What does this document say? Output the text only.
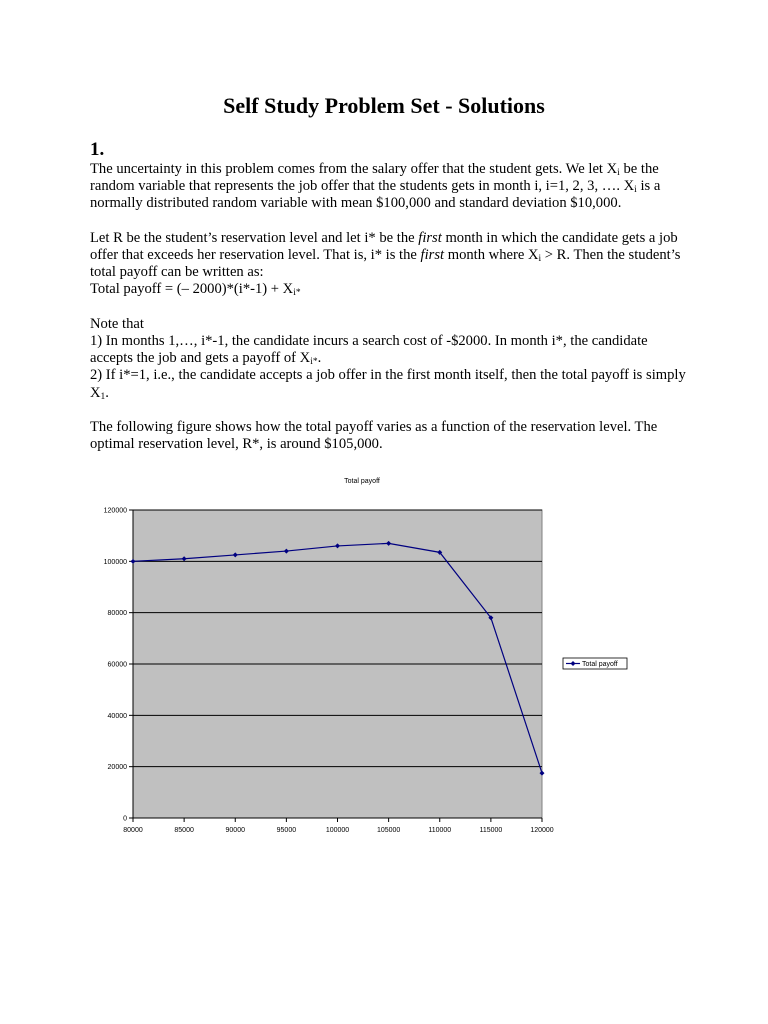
Self Study Problem Set - Solutions
1.

The uncertainty in this problem comes from the salary offer that the student gets. We let $X_i$ be the random variable that represents the job offer that the students gets in month i, i=1, 2, 3, …. $X_i$ is a normally distributed random variable with mean $100,000 and standard deviation $10,000.

Let R be the student’s reservation level and let i* be the first month in which the candidate gets a job offer that exceeds her reservation level. That is, i* is the first month where $X_i > R$. Then the student’s total payoff can be written as:
Total payoff = (– $2000)*(i*-1) + X_{i*}$

Note that
1) In months 1,…, i*-1, the candidate incurs a search cost of -$2000. In month i*, the candidate accepts the job and gets a payoff of $X_{i*}$.
2) If i*=1, i.e., the candidate accepts a job offer in the first month itself, then the total payoff is simply $X_1$.

The following figure shows how the total payoff varies as a function of the reservation level. The optimal reservation level, R*, is around $105,000.

Total payoff
0
20000
40000
60000
80000
100000
120000
80000	85000	90000	95000	100000	105000	110000	115000	120000
Total payoff
